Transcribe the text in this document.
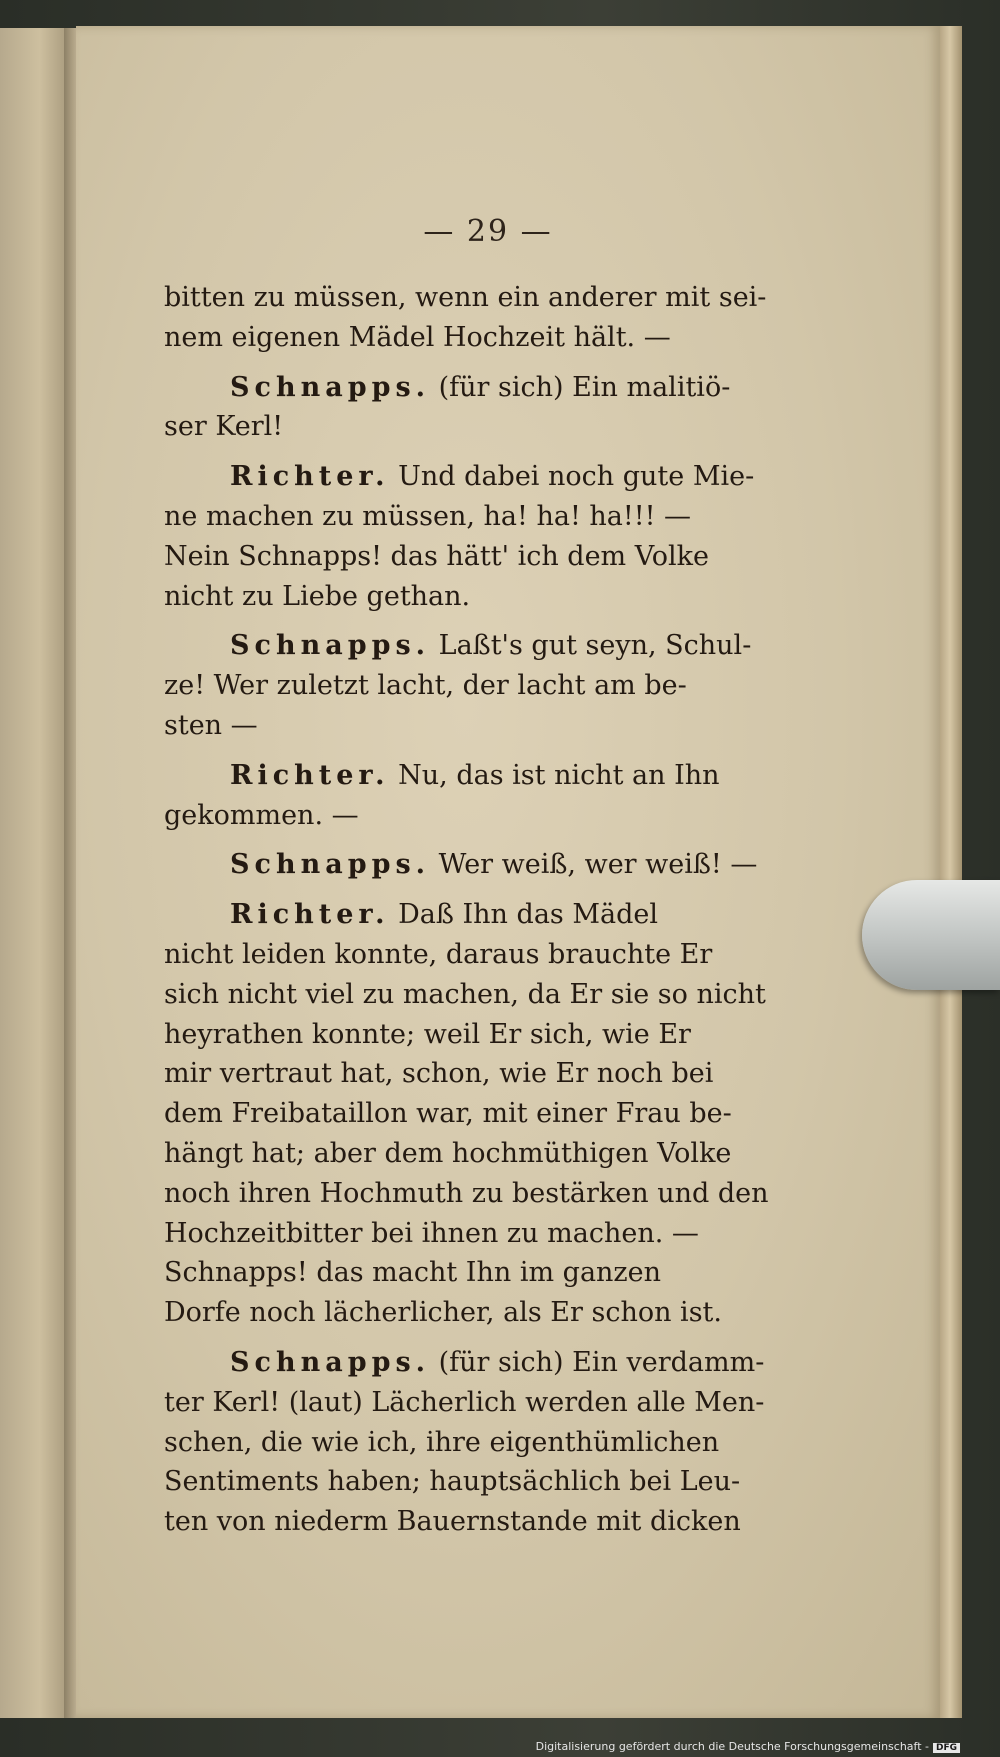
— 29 —
bitten zu müssen, wenn ein anderer mit sei-
nem eigenen Mädel Hochzeit hält. —
Schnapps. (für sich) Ein malitiö-
ser Kerl!
Richter. Und dabei noch gute Mie-
ne machen zu müssen, ha! ha! ha!!! —
Nein Schnapps! das hätt' ich dem Volke
nicht zu Liebe gethan.
Schnapps. Laßt's gut seyn, Schul-
ze! Wer zuletzt lacht, der lacht am be-
sten —
Richter. Nu, das ist nicht an Ihn
gekommen. —
Schnapps. Wer weiß, wer weiß! —
Richter. Daß Ihn das Mädel
nicht leiden konnte, daraus brauchte Er
sich nicht viel zu machen, da Er sie so nicht
heyrathen konnte; weil Er sich, wie Er
mir vertraut hat, schon, wie Er noch bei
dem Freibataillon war, mit einer Frau be-
hängt hat; aber dem hochmüthigen Volke
noch ihren Hochmuth zu bestärken und den
Hochzeitbitter bei ihnen zu machen. —
Schnapps! das macht Ihn im ganzen
Dorfe noch lächerlicher, als Er schon ist.
Schnapps. (für sich) Ein verdamm-
ter Kerl! (laut) Lächerlich werden alle Men-
schen, die wie ich, ihre eigenthümlichen
Sentiments haben; hauptsächlich bei Leu-
ten von niederm Bauernstande mit dicken
Digitalisierung gefördert durch die Deutsche Forschungsgemeinschaft - DFG
